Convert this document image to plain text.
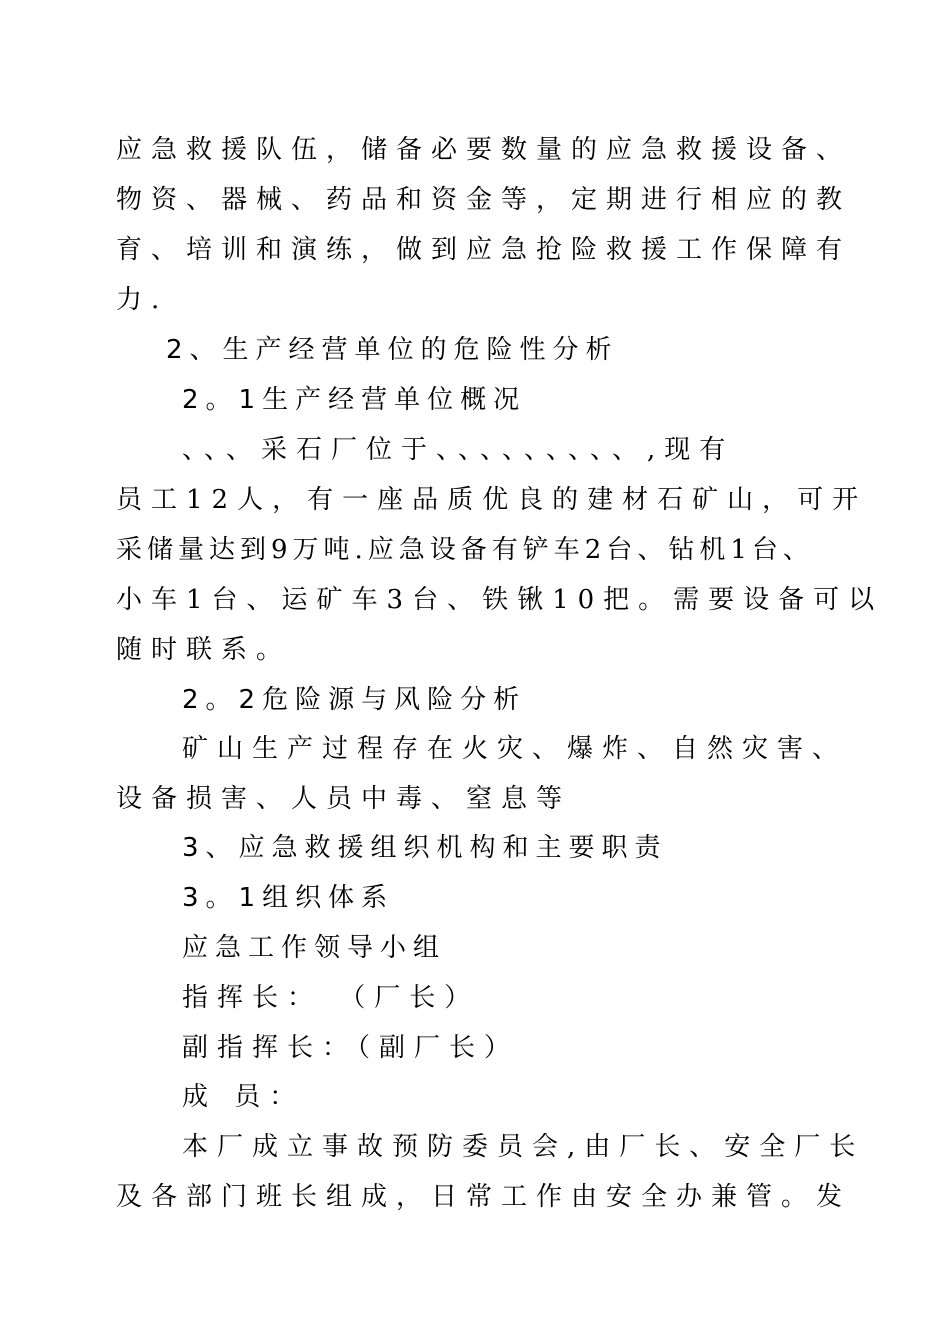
应急救援队伍，储备必要数量的应急救援设备、
物资、器械、药品和资金等，定期进行相应的教
育、培训和演练，做到应急抢险救援工作保障有
力.
2、生产经营单位的危险性分析
2。1生产经营单位概况
、、、采石厂位于、、、、、、、、、,现有
员工12人，有一座品质优良的建材石矿山，可开
采储量达到9万吨.应急设备有铲车2台、钻机1台、
小车1台、运矿车3台、铁锹10把。需要设备可以
随时联系。
2。2危险源与风险分析
矿山生产过程存在火灾、爆炸、自然灾害、
设备损害、人员中毒、窒息等
3、应急救援组织机构和主要职责
3。1组织体系
应急工作领导小组
指挥长： （厂长）
副指挥长：（副厂长）
成 员：
本厂成立事故预防委员会,由厂长、安全厂长
及各部门班长组成，日常工作由安全办兼管。发
